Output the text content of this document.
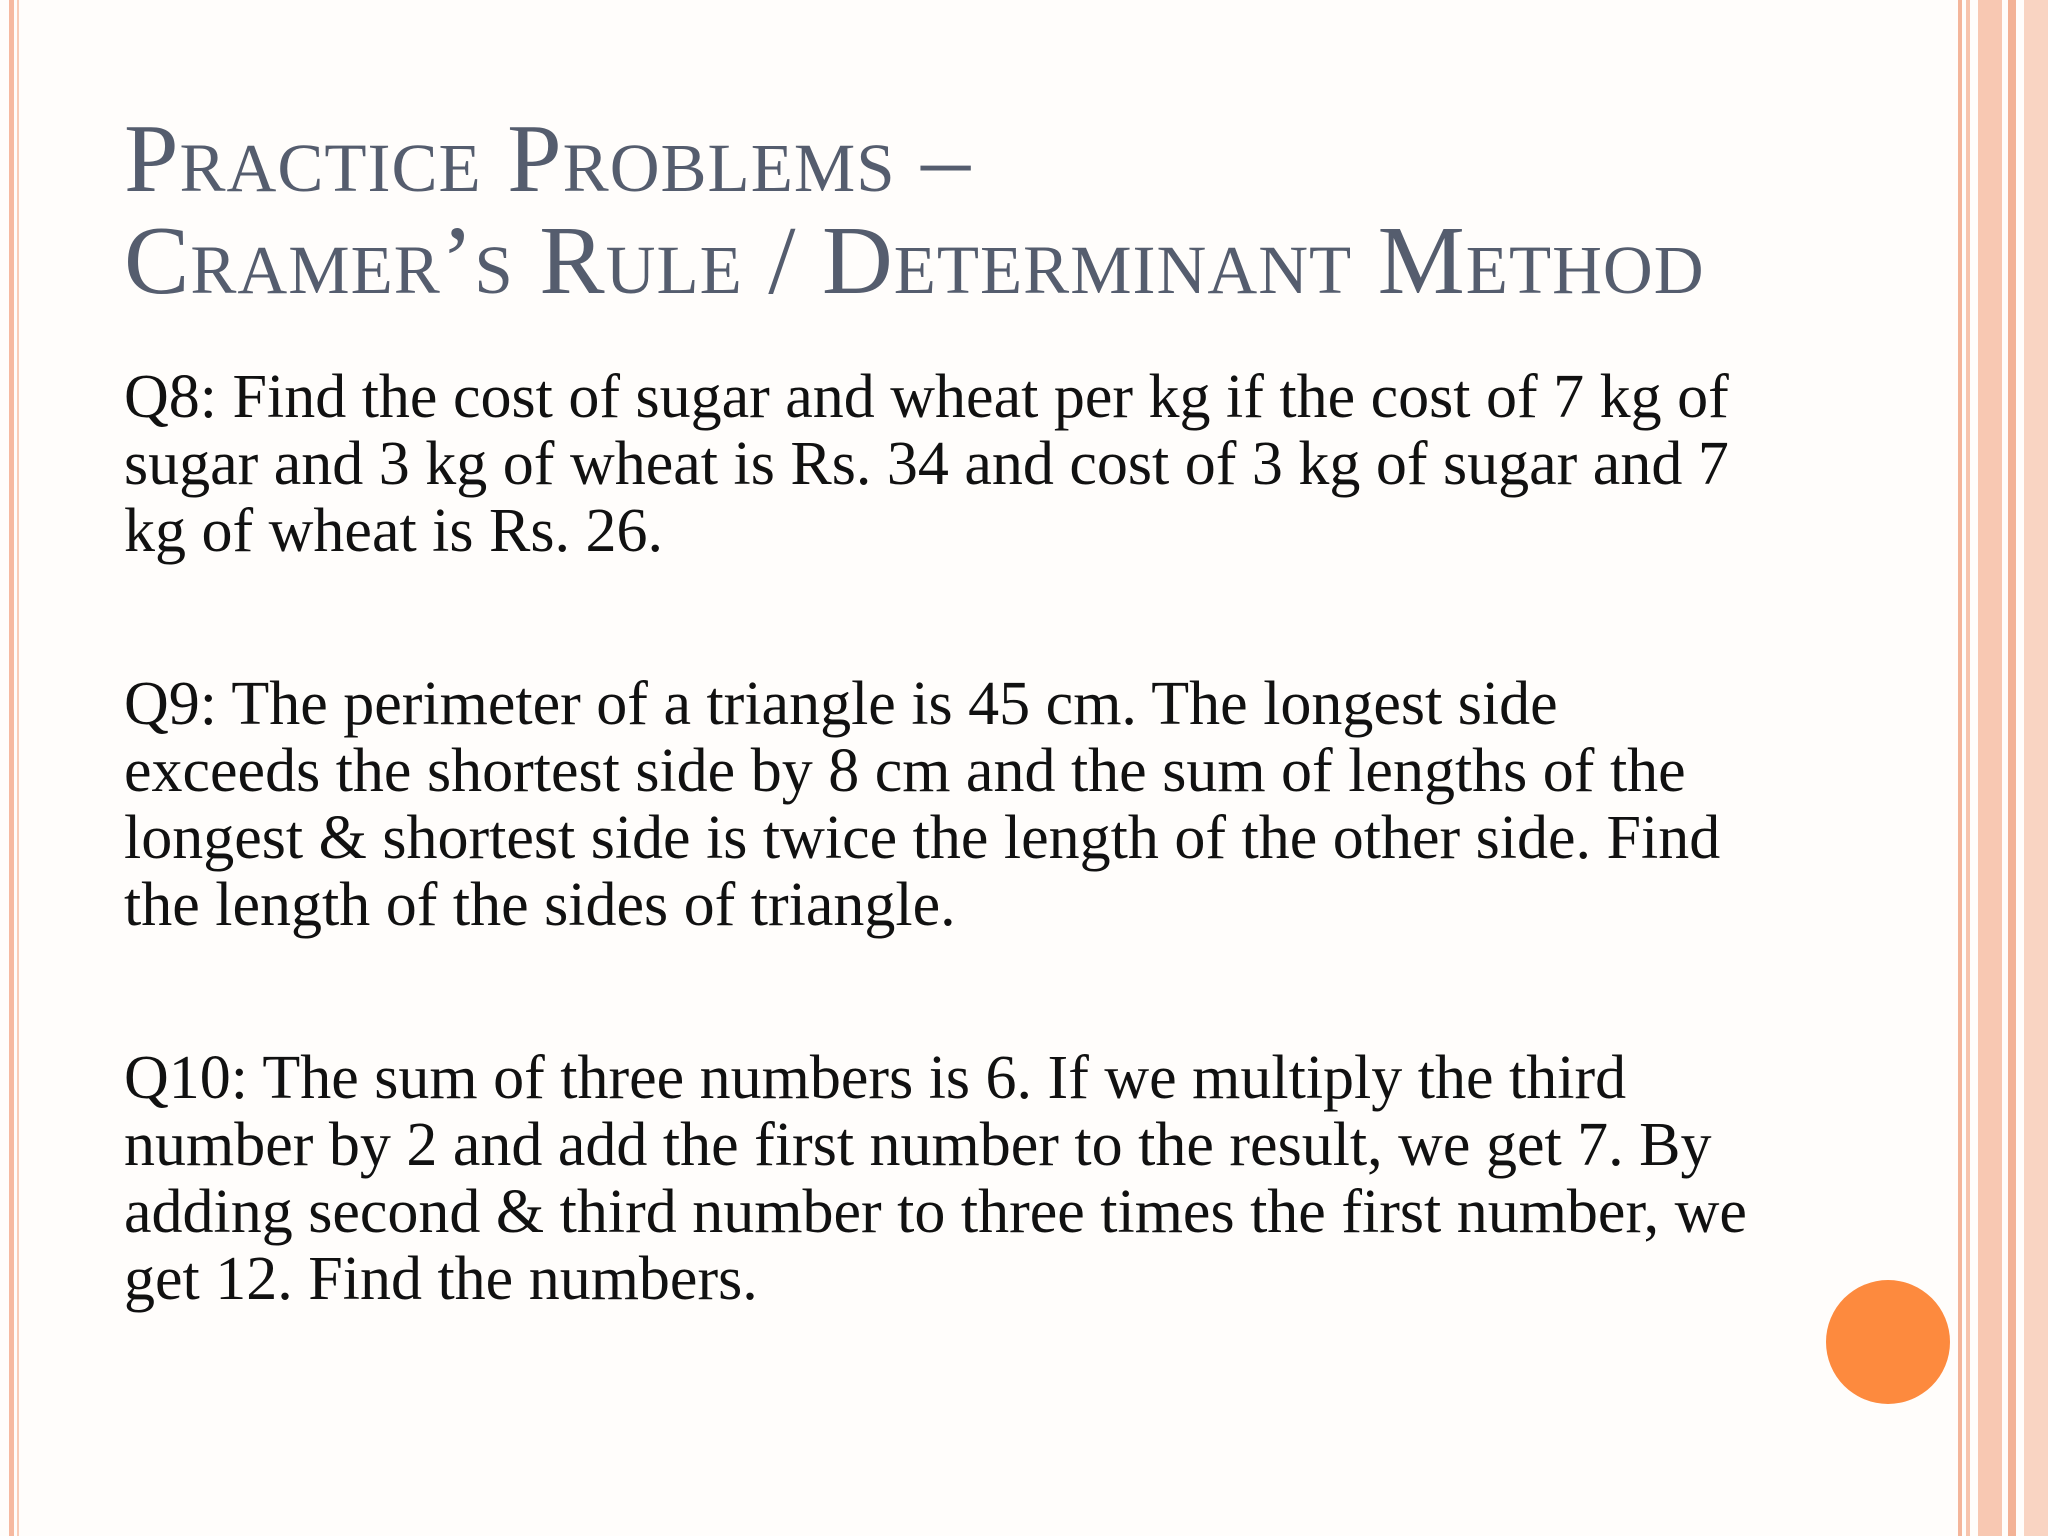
Practice Problems –
Cramer’s Rule / Determinant Method

Q8: Find the cost of sugar and wheat per kg if the cost of 7 kg of sugar and 3 kg of wheat is Rs. 34 and cost of 3 kg of sugar and 7 kg of wheat is Rs. 26.

Q9: The perimeter of a triangle is 45 cm. The longest side exceeds the shortest side by 8 cm and the sum of lengths of the longest & shortest side is twice the length of the other side. Find the length of the sides of triangle.

Q10: The sum of three numbers is 6. If we multiply the third number by 2 and add the first number to the result, we get 7. By adding second & third number to three times the first number, we get 12. Find the numbers.
